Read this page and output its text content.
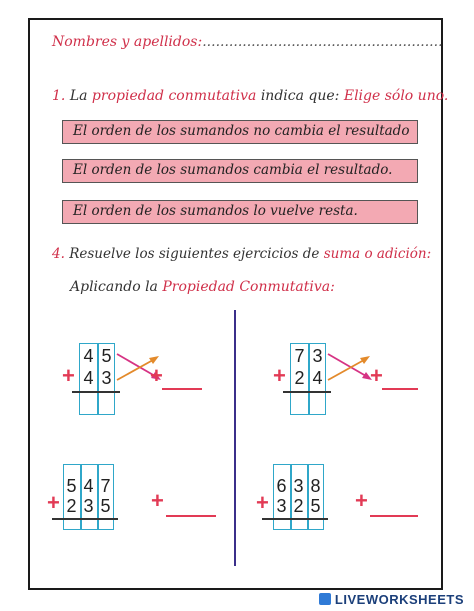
Nombres y apellidos:......................................................
1. La propiedad conmutativa indica que: Elige sólo uno.
El orden de los sumandos no cambia el resultado
El orden de los sumandos cambia el resultado.
El orden de los sumandos lo vuelve resta.
4. Resuelve los siguientes ejercicios de suma o adición:
Aplicando la Propiedad Conmutativa:
4 5
4 3
+	+
7 3
2 4
+	+
5 4 7
2 3 5
+	+
6 3 8
3 2 5
+	+
LIVEWORKSHEETS
